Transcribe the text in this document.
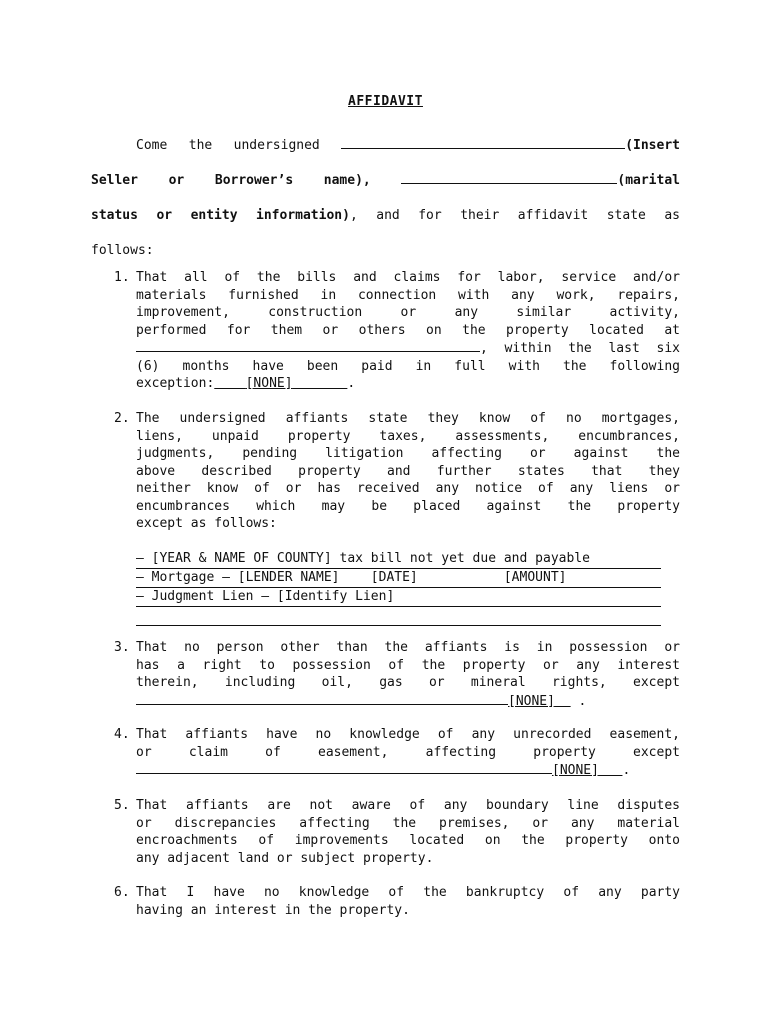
AFFIDAVIT

Come the undersigned	(Insert

Seller or Borrower’s name),	(marital

status or entity information), and for their affidavit state as

follows:

1. That all of the bills and claims for labor, service and/or
materials furnished in connection with any work, repairs,
improvement, construction or any similar activity,
performed for them or others on the property located at
, within the last six
(6) months have been paid in full with the following
exception: [NONE]	.
2. The undersigned affiants state they know of no mortgages,
liens, unpaid property taxes, assessments, encumbrances,
judgments, pending litigation affecting or against the
above described property and further states that they
neither know of or has received any notice of any liens or
encumbrances which may be placed against the property
except as follows:
– [YEAR & NAME OF COUNTY] tax bill not yet due and payable
– Mortgage – [LENDER NAME]    [DATE]           [AMOUNT]
– Judgment Lien – [Identify Lien]
3. That no person other than the affiants is in possession or
has a right to possession of the property or any interest
therein, including oil, gas or mineral rights, except
[NONE]   .
4. That affiants have no knowledge of any unrecorded easement,
or claim of easement, affecting property except
[NONE] .
5. That affiants are not aware of any boundary line disputes
or discrepancies affecting the premises, or any material
encroachments of improvements located on the property onto
any adjacent land or subject property.
6. That I have no knowledge of the bankruptcy of any party
having an interest in the property.
